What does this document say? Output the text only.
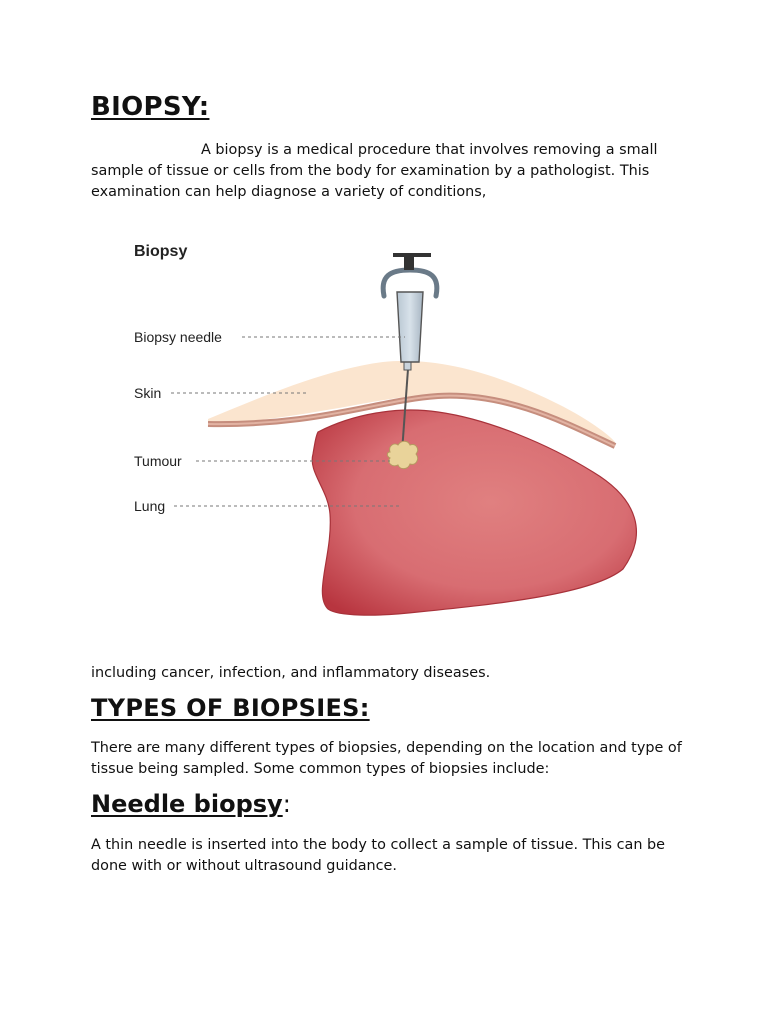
BIOPSY:

A biopsy is a medical procedure that involves removing a small sample of tissue or cells from the body for examination by a pathologist. This examination can help diagnose a variety of conditions,

Biopsy
Biopsy needle
Skin
Tumour
Lung

including cancer, infection, and inflammatory diseases.

TYPES OF BIOPSIES:

There are many different types of biopsies, depending on the location and type of tissue being sampled. Some common types of biopsies include:

Needle biopsy:

A thin needle is inserted into the body to collect a sample of tissue. This can be done with or without ultrasound guidance.
